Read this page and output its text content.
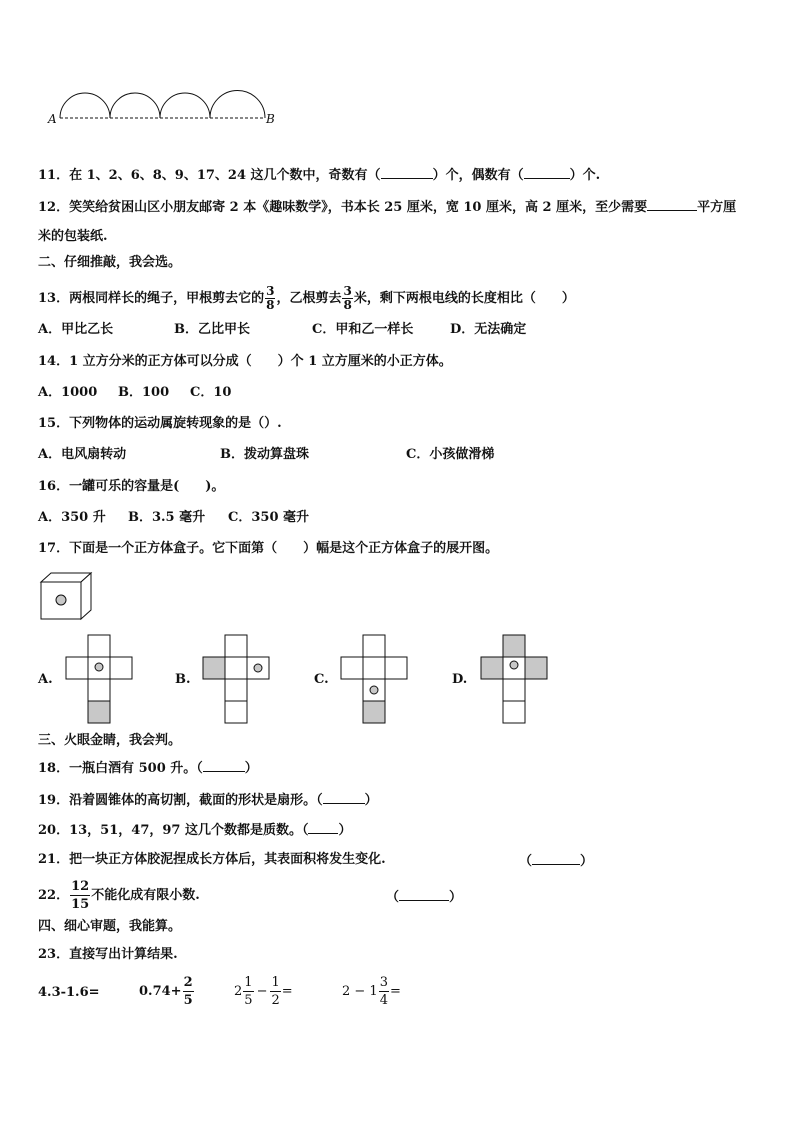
A	B
11．在 1、2、6、8、9、17、24 这几个数中，奇数有（	）个，偶数有（	）个.
12．笑笑给贫困山区小朋友邮寄 2 本《趣味数学》，书本长 25 厘米，宽 10 厘米，高 2 厘米，至少需要	平方厘
米的包装纸.
二、仔细推敲，我会选。
13．两根同样长的绳子，甲根剪去它的 $\frac{3}{8}$ ，乙根剪去 $\frac{3}{8}$ 米，剩下两根电线的长度相比（　　）
A．甲比乙长	B．乙比甲长	C．甲和乙一样长	D．无法确定
14．1 立方分米的正方体可以分成（　　）个 1 立方厘米的小正方体。
A．1000 B．100 C．10
15．下列物体的运动属旋转现象的是（）.
A．电风扇转动	B．拨动算盘珠	C．小孩做滑梯
16．一罐可乐的容量是(　　)。
A．350 升 B．3.5 毫升 C．350 毫升
17．下面是一个正方体盒子。它下面第（　　）幅是这个正方体盒子的展开图。
A.	B.	C.	D.
三、火眼金睛，我会判。
18．一瓶白酒有 500 升。（	）
19．沿着圆锥体的高切割，截面的形状是扇形。（	）
20．13，51，47，97 这几个数都是质数。（ ）
21．把一块正方体胶泥捏成长方体后，其表面积将发生变化.	（	）
22． $\frac{12}{15}$ 不能化成有限小数.	（	）
四、细心审题，我能算。
23．直接写出计算结果.
4.3-1.6=	$0.74+ \frac{2}{5}$	$2 \frac{1}{5} - \frac{1}{2}$ =	$2 - 1 \frac{3}{4}$ =
